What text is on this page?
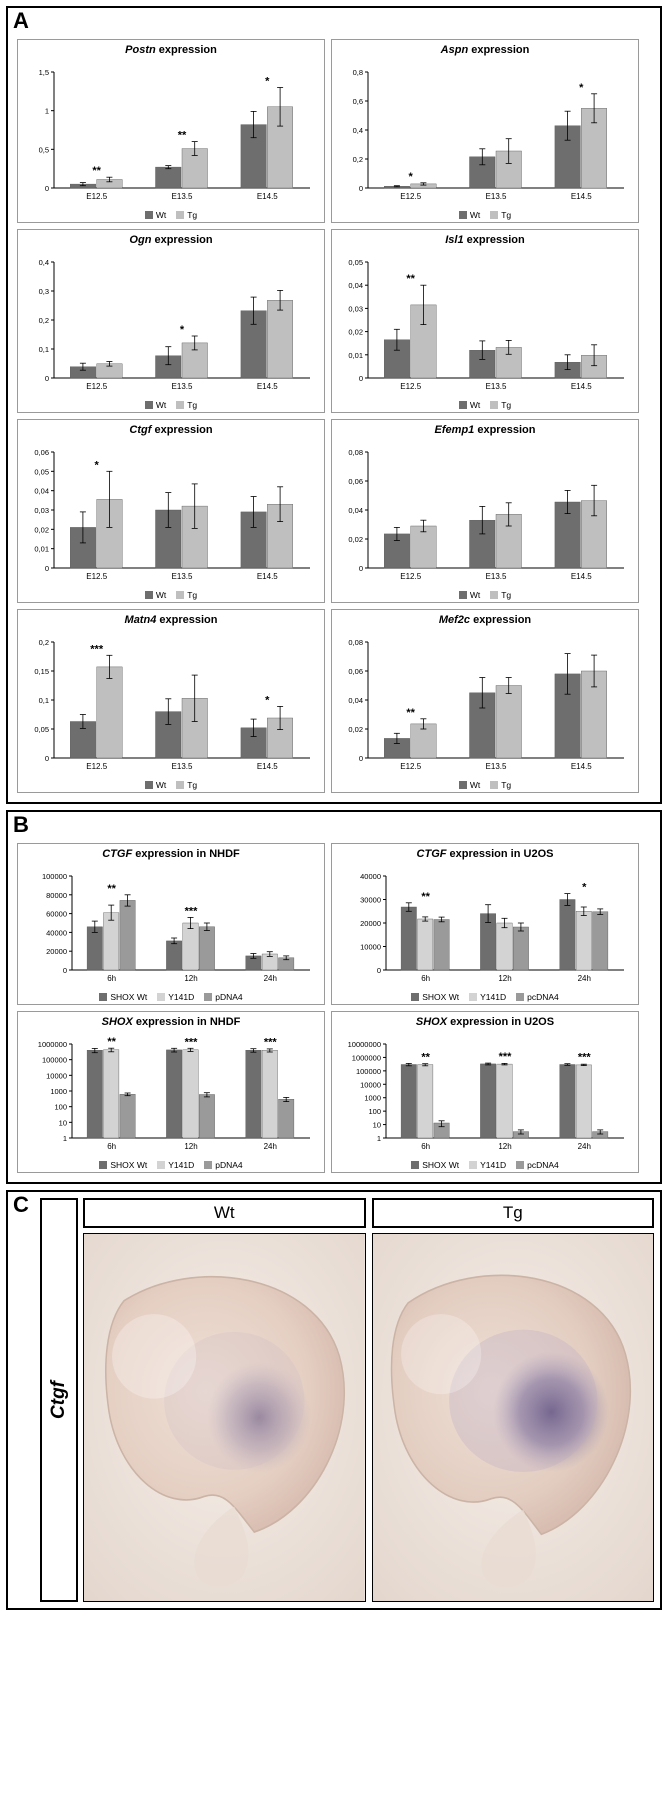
A
Postn expression
0
0,5
1
1,5
E12.5
**
E13.5
**
E14.5
*
Wt Tg
Aspn expression
0
0,2
0,4
0,6
0,8
E12.5
*
E13.5	E14.5
*
Wt Tg
Ogn expression
0
0,1
0,2
0,3
0,4
E12.5	E13.5
*
E14.5
Wt Tg
Isl1 expression
0
0,01
0,02
0,03
0,04
0,05
E12.5
**
E13.5	E14.5
Wt Tg
Ctgf expression
0
0,01
0,02
0,03
0,04
0,05
0,06
E12.5
*
E13.5	E14.5
Wt Tg
Efemp1 expression
0
0,02
0,04
0,06
0,08
E12.5	E13.5	E14.5
Wt Tg
Matn4 expression
0
0,05
0,1
0,15
0,2
E12.5
***
E13.5	E14.5
*
Wt Tg
Mef2c expression
0
0,02
0,04
0,06
0,08
E12.5
**
E13.5	E14.5
Wt Tg
B
CTGF expression in NHDF
0
20000
40000
60000
80000
100000
6h
**
12h
***
24h
SHOX Wt Y141D pDNA4
CTGF expression in U2OS
0
10000
20000
30000
40000
6h
**
12h	24h
*
SHOX Wt Y141D pcDNA4
SHOX expression in NHDF
1
10
100
1000
10000
100000
1000000
6h
**
12h
***
24h
***
SHOX Wt Y141D pDNA4
SHOX expression in U2OS
1
10
100
1000
10000
100000
1000000
10000000
6h
**
12h
***
24h
***
SHOX Wt Y141D pcDNA4
C
Ctgf
Wt	Tg
